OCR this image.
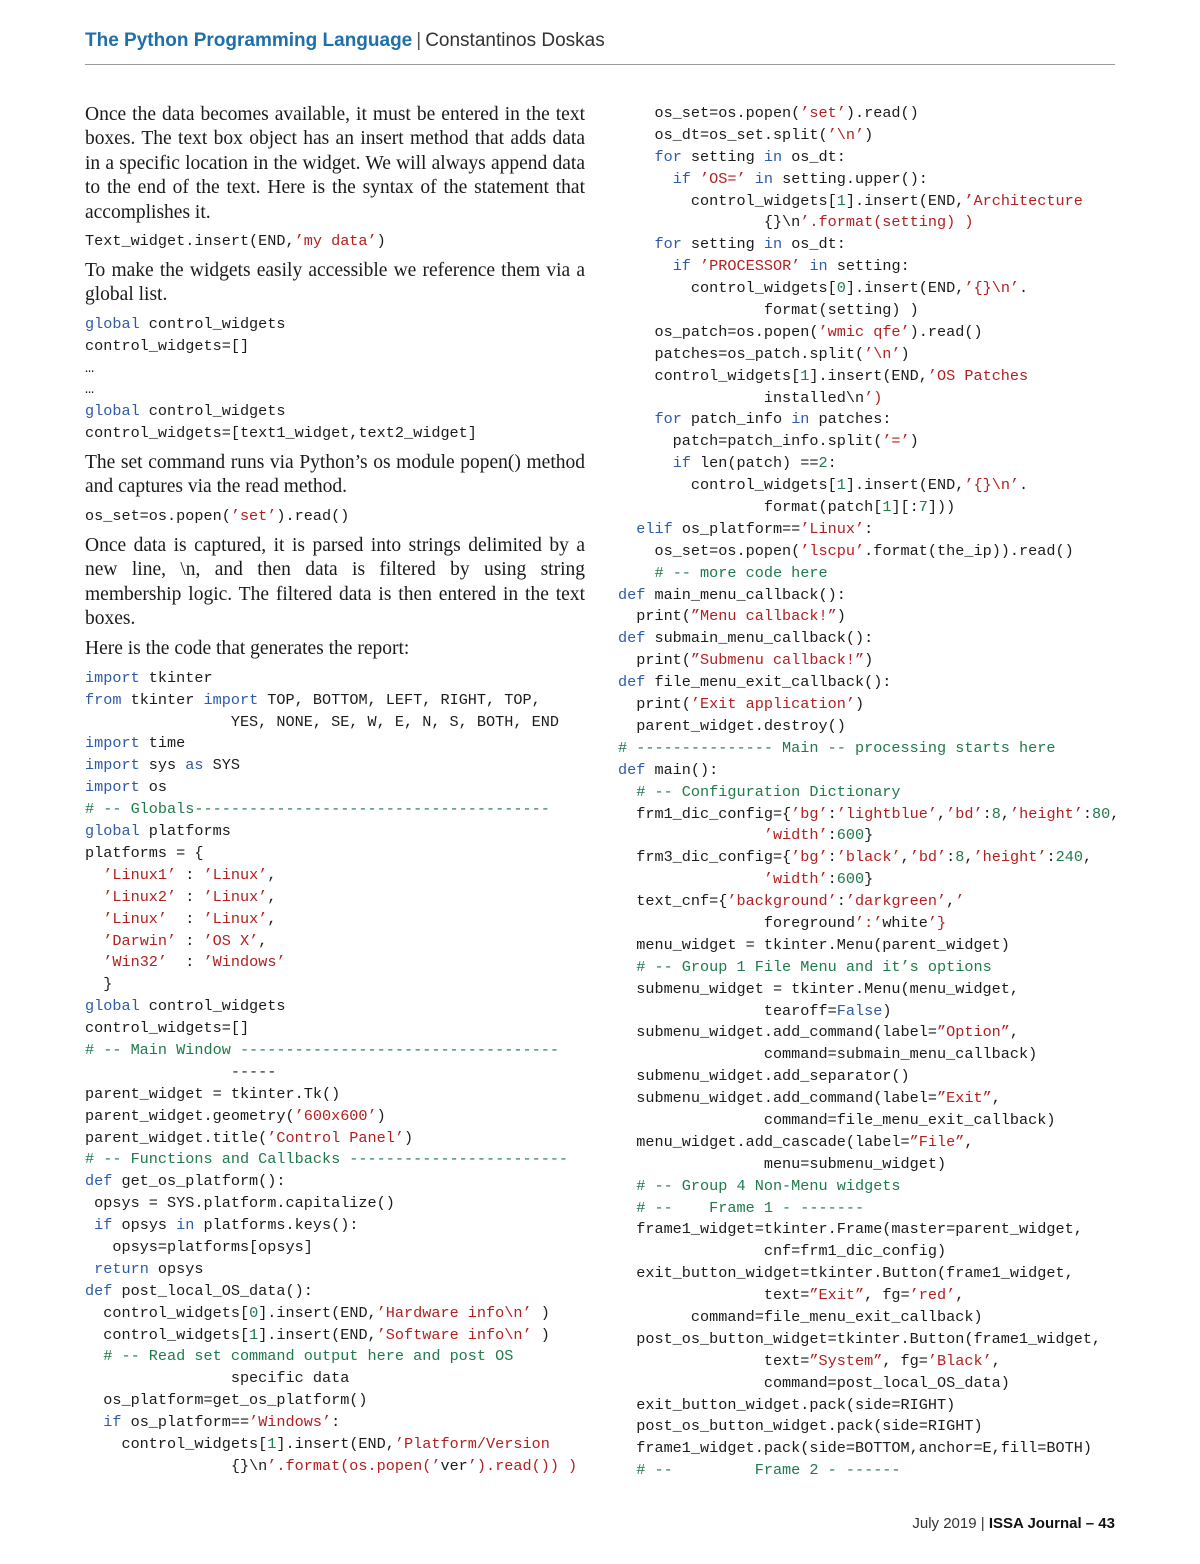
The Python Programming Language | Constantinos Doskas

Once the data becomes available, it must be entered in the text boxes. The text box object has an insert method that adds data in a specific location in the widget. We will always append data to the end of the text. Here is the syntax of the statement that accomplishes it.

Text_widget.insert(END,’my data’)

To make the widgets easily accessible we reference them via a global list.

global control_widgets
control_widgets=[]
…
…
global control_widgets
control_widgets=[text1_widget,text2_widget]

The set command runs via Python’s os module popen() method and captures via the read method.

os_set=os.popen(’set’).read()

Once data is captured, it is parsed into strings delimited by a new line, \n, and then data is filtered by using string membership logic. The filtered data is then entered in the text boxes.

Here is the code that generates the report:

import tkinter
from tkinter import TOP, BOTTOM, LEFT, RIGHT, TOP,
YES, NONE, SE, W, E, N, S, BOTH, END
import time
import sys as SYS
import os
# -- Globals---------------------------------------
global platforms
platforms = {
’Linux1’ : ’Linux’,
’Linux2’ : ’Linux’,
’Linux’  : ’Linux’,
’Darwin’ : ’OS X’,
’Win32’  : ’Windows’
}
global control_widgets
control_widgets=[]
# -- Main Window -----------------------------------
-----
parent_widget = tkinter.Tk()
parent_widget.geometry(’600x600’)
parent_widget.title(’Control Panel’)
# -- Functions and Callbacks ------------------------
def get_os_platform():
opsys = SYS.platform.capitalize()
if opsys in platforms.keys():
opsys=platforms[opsys]
return opsys
def post_local_OS_data():
control_widgets[0].insert(END,’Hardware info\n’ )
control_widgets[1].insert(END,’Software info\n’ )
# -- Read set command output here and post OS
specific data
os_platform=get_os_platform()
if os_platform==’Windows’:
control_widgets[1].insert(END,’Platform/Version
{}\n’.format(os.popen(’ver’).read()) )
os_set=os.popen(’set’).read()
os_dt=os_set.split(’\n’)
for setting in os_dt:
if ’OS=’ in setting.upper():
control_widgets[1].insert(END,’Architecture
{}\n’.format(setting) )
for setting in os_dt:
if ’PROCESSOR’ in setting:
control_widgets[0].insert(END,’{}\n’.
format(setting) )
os_patch=os.popen(’wmic qfe’).read()
patches=os_patch.split(’\n’)
control_widgets[1].insert(END,’OS Patches
installed\n’)
for patch_info in patches:
patch=patch_info.split(’=’)
if len(patch) ==2:
control_widgets[1].insert(END,’{}\n’.
format(patch[1][:7]))
elif os_platform==’Linux’:
os_set=os.popen(’lscpu’.format(the_ip)).read()
# -- more code here
def main_menu_callback():
print(”Menu callback!”)
def submain_menu_callback():
print(”Submenu callback!”)
def file_menu_exit_callback():
print(’Exit application’)
parent_widget.destroy()
# --------------- Main -- processing starts here
def main():
# -- Configuration Dictionary
frm1_dic_config={’bg’:’lightblue’,’bd’:8,’height’:80,
’width’:600}
frm3_dic_config={’bg’:’black’,’bd’:8,’height’:240,
’width’:600}
text_cnf={’background’:’darkgreen’,’
foreground’:’white’}
menu_widget = tkinter.Menu(parent_widget)
# -- Group 1 File Menu and it’s options
submenu_widget = tkinter.Menu(menu_widget,
tearoff=False)
submenu_widget.add_command(label=”Option”,
command=submain_menu_callback)
submenu_widget.add_separator()
submenu_widget.add_command(label=”Exit”,
command=file_menu_exit_callback)
menu_widget.add_cascade(label=”File”,
menu=submenu_widget)
# -- Group 4 Non-Menu widgets
# --    Frame 1 - -------
frame1_widget=tkinter.Frame(master=parent_widget,
cnf=frm1_dic_config)
exit_button_widget=tkinter.Button(frame1_widget,
text=”Exit”, fg=’red’,
command=file_menu_exit_callback)
post_os_button_widget=tkinter.Button(frame1_widget,
text=”System”, fg=’Black’,
command=post_local_OS_data)
exit_button_widget.pack(side=RIGHT)
post_os_button_widget.pack(side=RIGHT)
frame1_widget.pack(side=BOTTOM,anchor=E,fill=BOTH)
# --         Frame 2 - ------
July 2019 | ISSA Journal – 43
